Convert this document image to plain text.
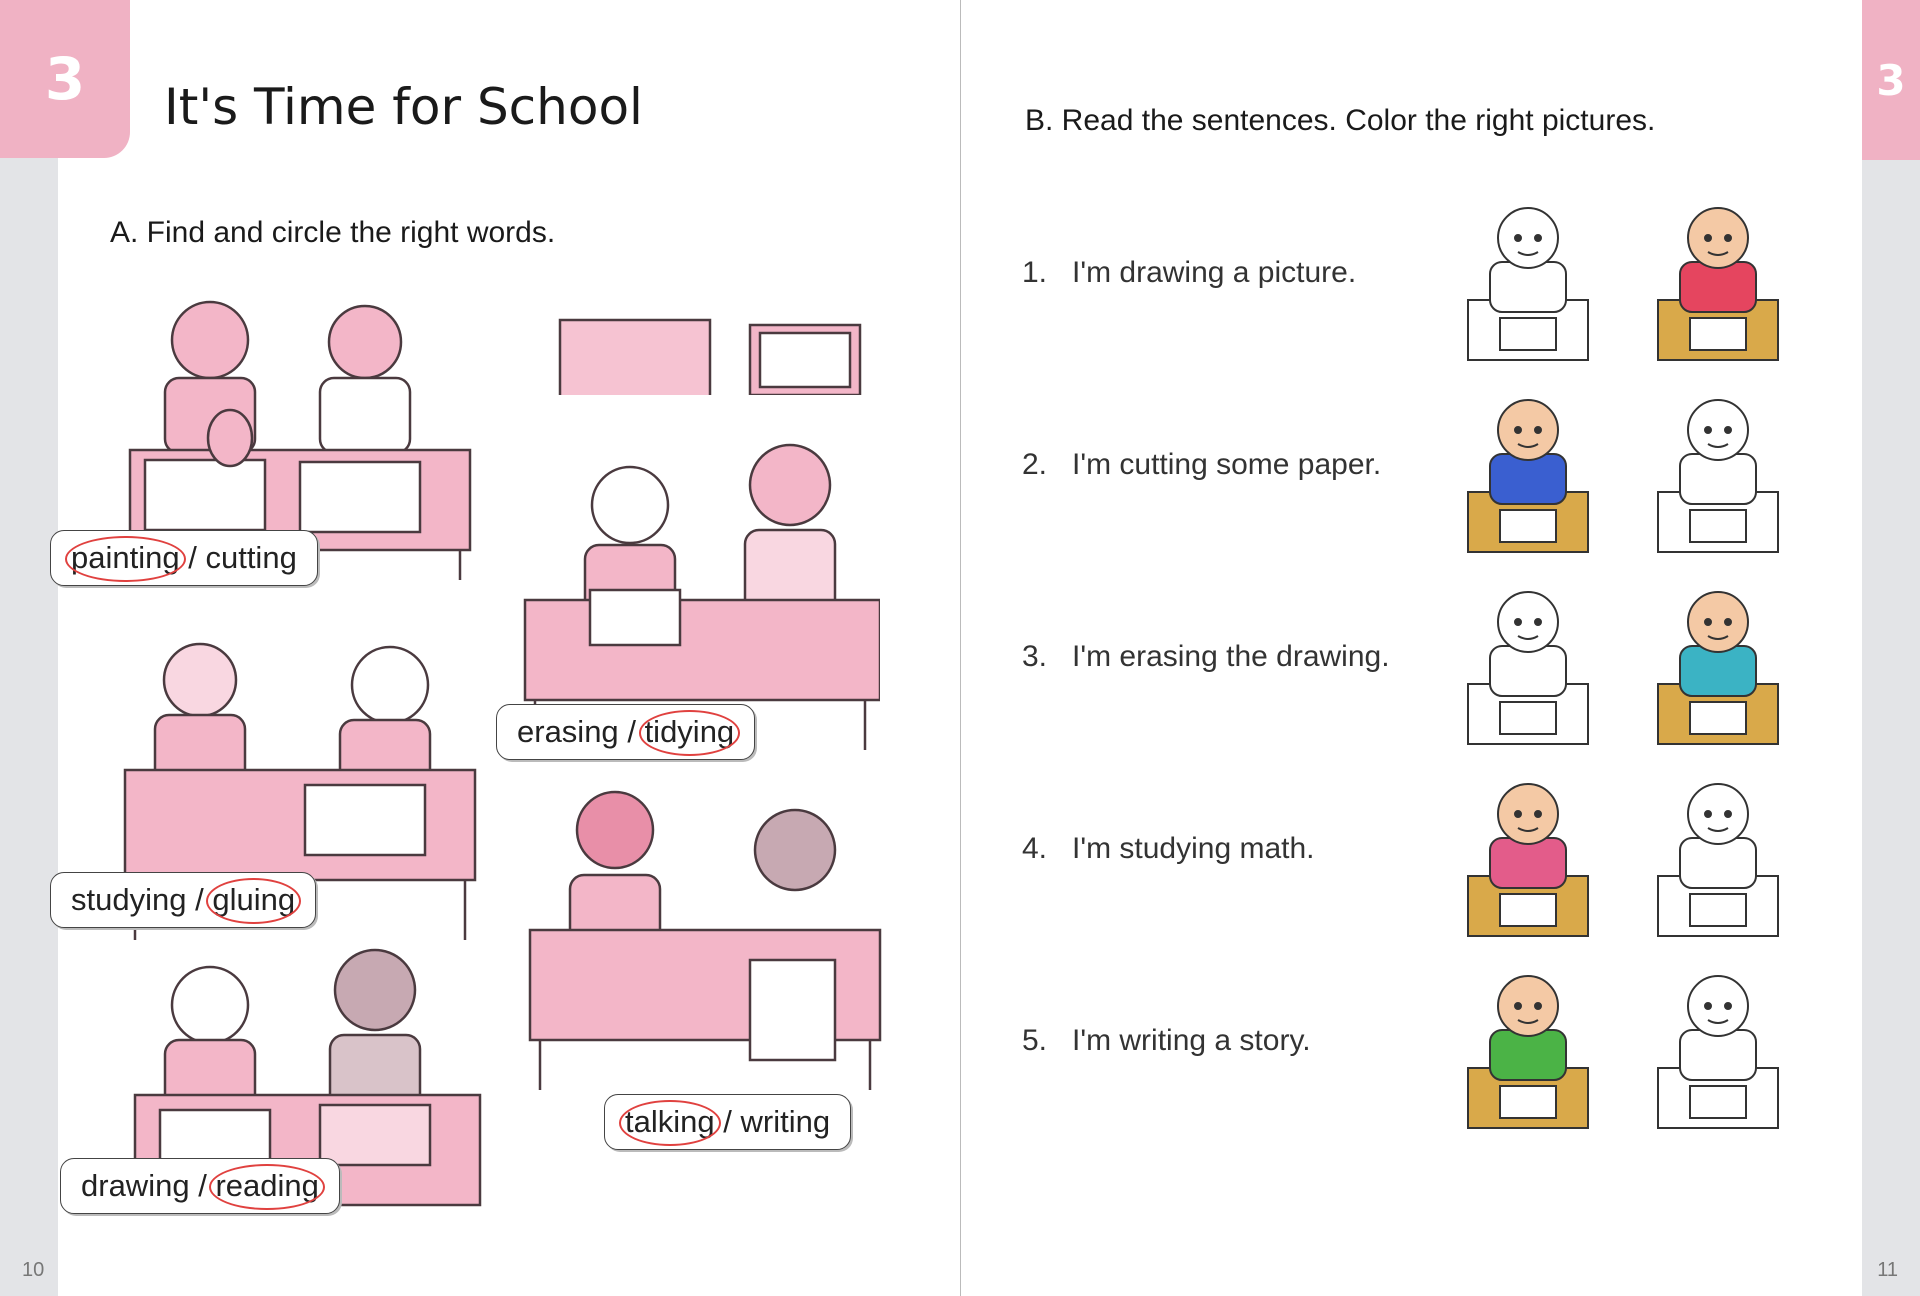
3	3
It's Time for School
A. Find and circle the right words.
painting
/
cutting
erasing
/
tidying
studying
/
gluing
talking
/
writing
drawing
/
reading
10	11
B. Read the sentences. Color the right pictures.
1. I'm drawing a picture.
2. I'm cutting some paper.
3. I'm erasing the drawing.
4. I'm studying math.
5. I'm writing a story.
